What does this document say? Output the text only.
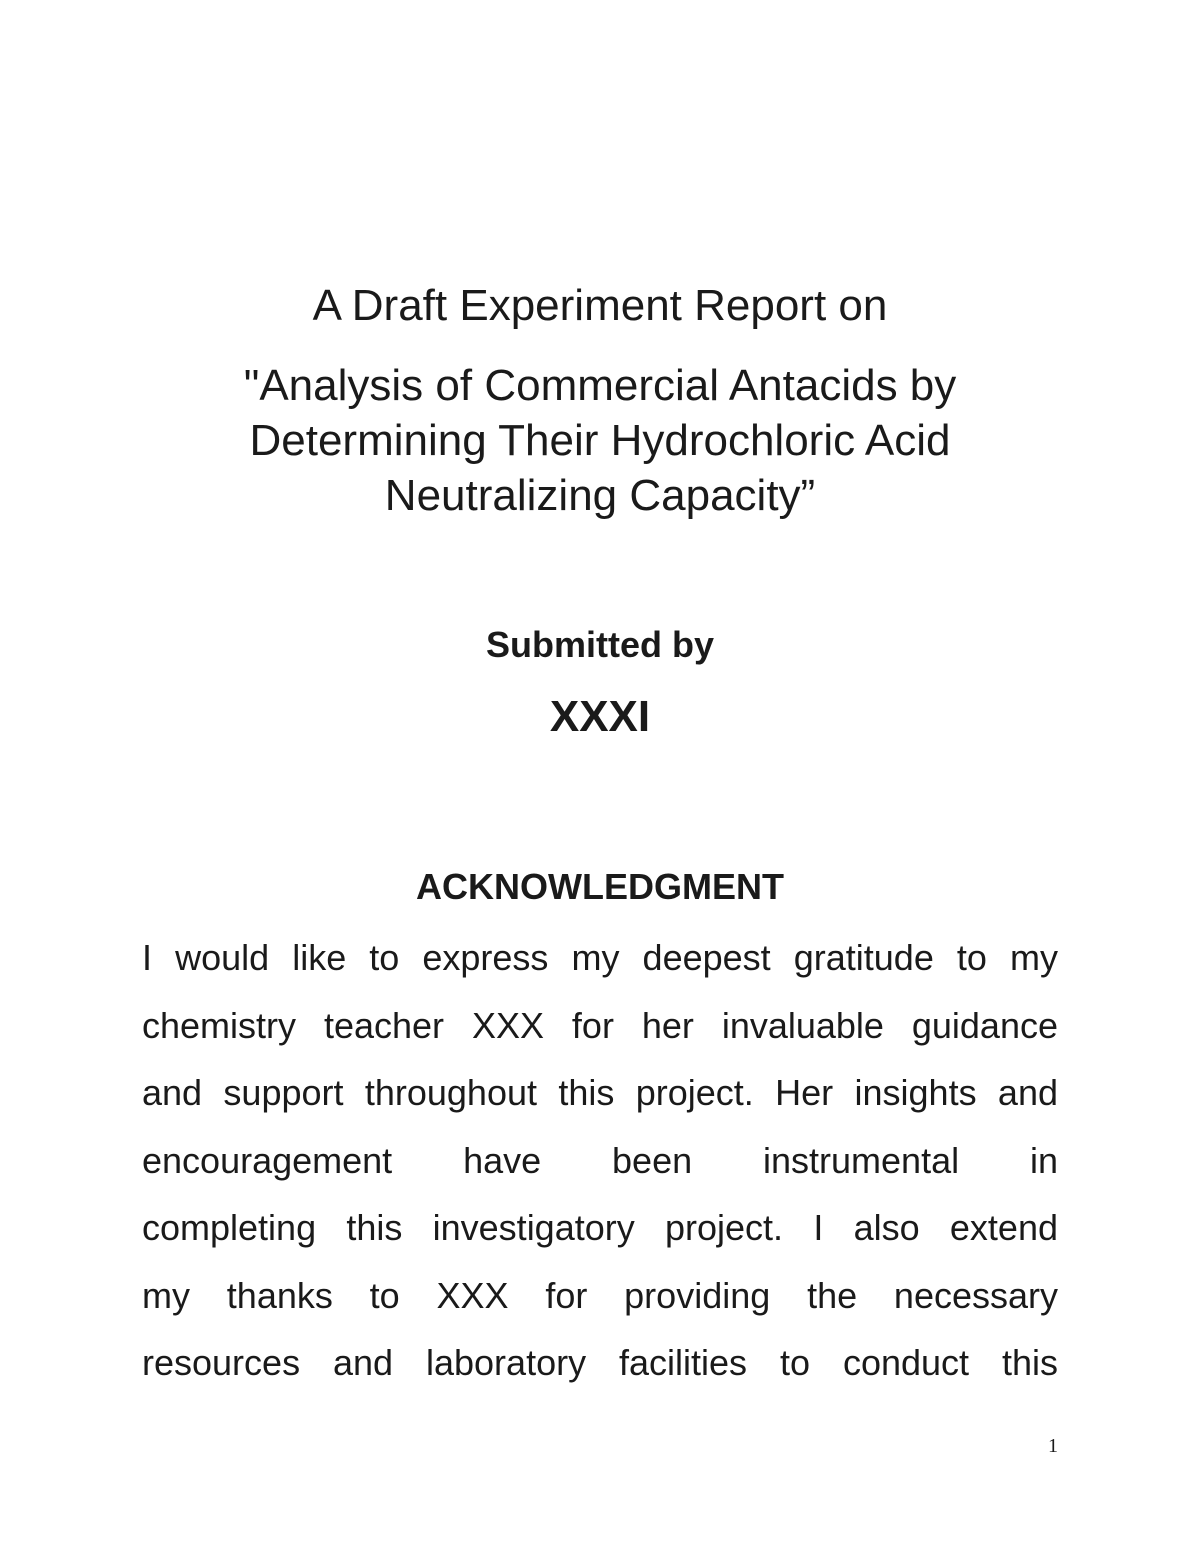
A Draft Experiment Report on
"Analysis of Commercial Antacids by
Determining Their Hydrochloric Acid
Neutralizing Capacity”
Submitted by
XXXI
ACKNOWLEDGMENT
I would like to express my deepest gratitude to my
chemistry teacher XXX for her invaluable guidance
and support throughout this project. Her insights and
encouragement have been instrumental in
completing this investigatory project. I also extend
my thanks to XXX for providing the necessary
resources and laboratory facilities to conduct this
1
